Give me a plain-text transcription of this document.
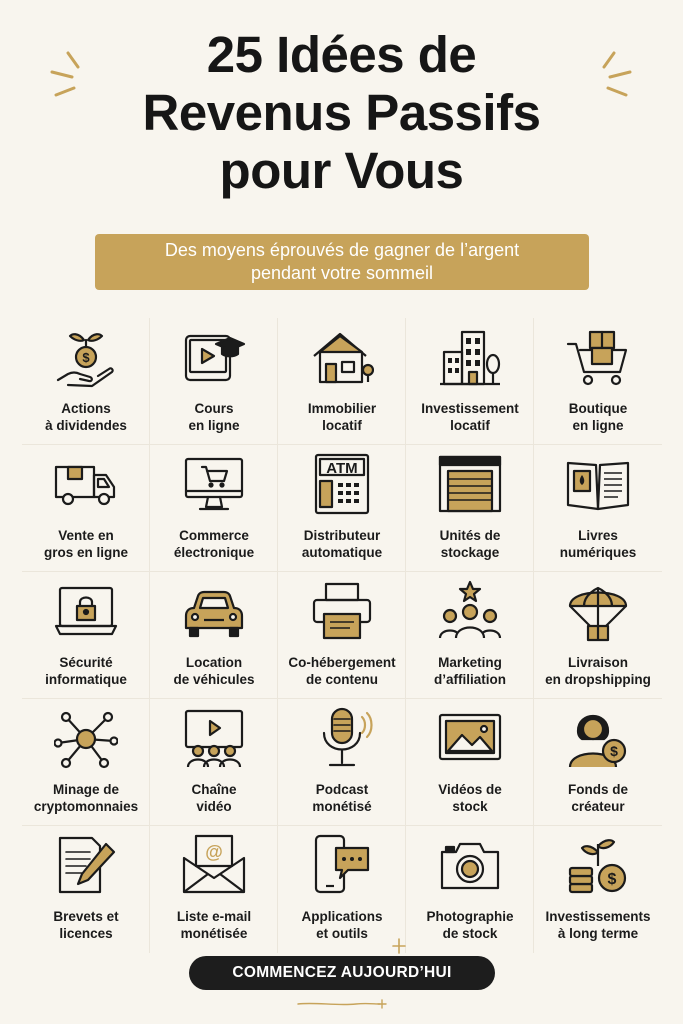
25 Idées de
Revenus Passifs
pour Vous
Des moyens éprouvés de gagner de l’argent
pendant votre sommeil
$
Actions
à dividendes
Cours
en ligne
Immobilier
locatif
Investissement
locatif
Boutique
en ligne
Vente en
gros en ligne
Commerce
électronique
ATM
Distributeur
automatique
Unités de
stockage
Livres
numériques
Sécurité
informatique
Location
de véhicules
Co-hébergement
de contenu
Marketing
d’affiliation
Livraison
en dropshipping
Minage de
cryptomonnaies
Chaîne
vidéo
Podcast
monétisé
Vidéos de
stock
$
Fonds de
créateur
Brevets et
licences
@
Liste e-mail
monétisée
Applications
et outils
Photographie
de stock
$
Investissements
à long terme
COMMENCEZ AUJOURD’HUI
